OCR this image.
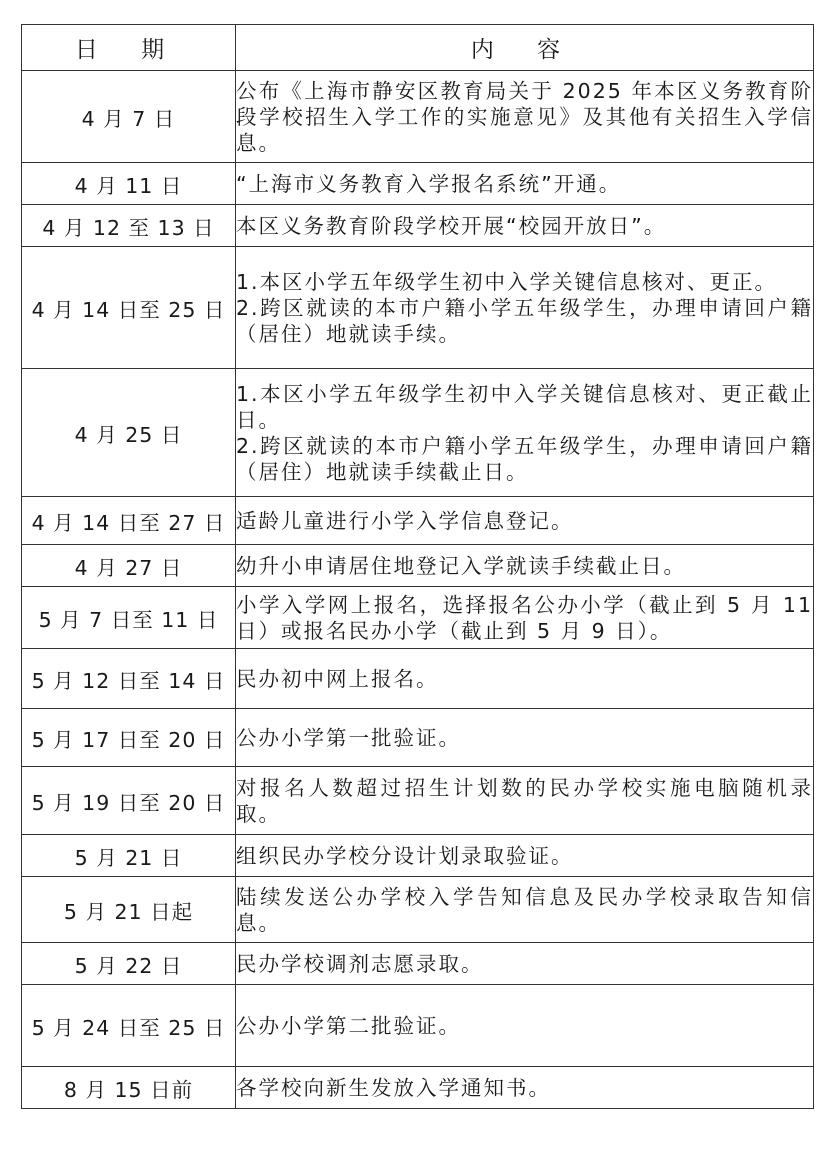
日 期	内 容
4 月 7 日	公布《上海市静安区教育局关于 2025 年本区义务教育阶段学校招生入学工作的实施意见》及其他有关招生入学信息。

4 月 11 日	“上海市义务教育入学报名系统”开通。

4 月 12 至 13 日	本区义务教育阶段学校开展“校园开放日”。

4 月 14 日至 25 日	1.本区小学五年级学生初中入学关键信息核对、更正。
2.跨区就读的本市户籍小学五年级学生，办理申请回户籍（居住）地就读手续。

4 月 25 日	1.本区小学五年级学生初中入学关键信息核对、更正截止日。
2.跨区就读的本市户籍小学五年级学生，办理申请回户籍（居住）地就读手续截止日。

4 月 14 日至 27 日	适龄儿童进行小学入学信息登记。

4 月 27 日	幼升小申请居住地登记入学就读手续截止日。

5 月 7 日至 11 日	小学入学网上报名，选择报名公办小学（截止到 5 月 11 日）或报名民办小学（截止到 5 月 9 日）。

5 月 12 日至 14 日	民办初中网上报名。

5 月 17 日至 20 日	公办小学第一批验证。

5 月 19 日至 20 日	对报名人数超过招生计划数的民办学校实施电脑随机录取。

5 月 21 日	组织民办学校分设计划录取验证。

5 月 21 日起	陆续发送公办学校入学告知信息及民办学校录取告知信息。

5 月 22 日	民办学校调剂志愿录取。

5 月 24 日至 25 日	公办小学第二批验证。

8 月 15 日前	各学校向新生发放入学通知书。
